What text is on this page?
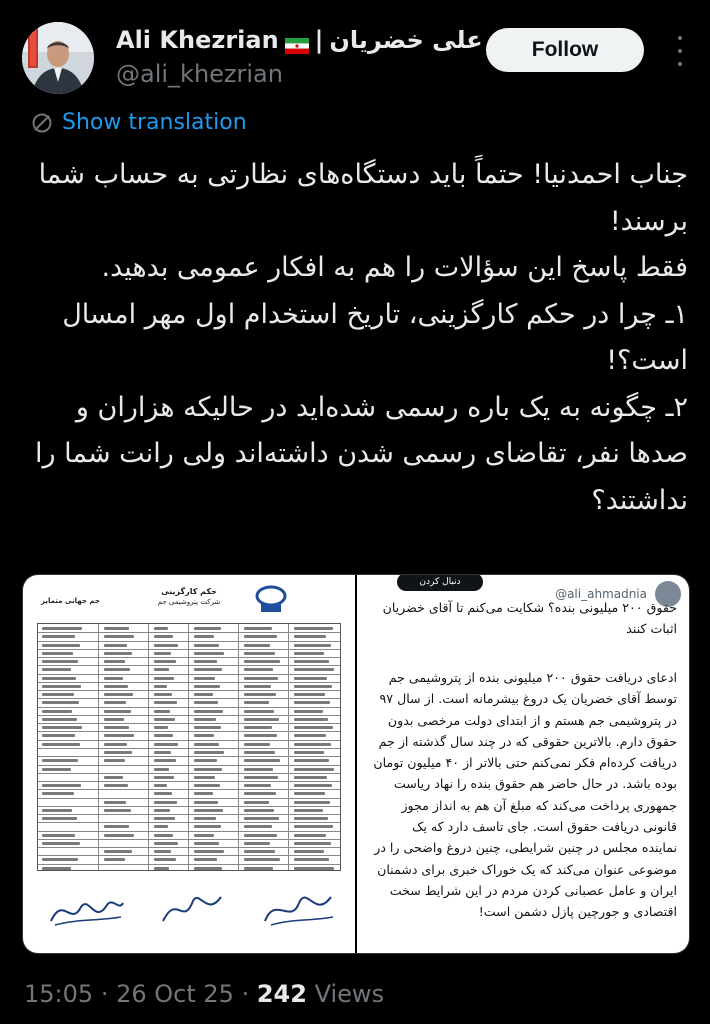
Ali Khezrian | علی خضریان
@ali_khezrian
Follow
Show translation

جناب احمدنیا! حتماً باید دستگاه‌های نظارتی به حساب شما برسند!

فقط پاسخ این سؤالات را هم به افکار عمومی بدهید.

۱ـ چرا در حکم کارگزینی، تاریخ استخدام اول مهر امسال است؟!

۲ـ چگونه به یک باره رسمی شده‌اید در حالیکه هزاران و صدها نفر، تقاضای رسمی شدن داشته‌اند ولی رانت شما را نداشتند؟

حکم کارگزینی
شرکت پتروشیمی جم
جم جهانی متمایز	@ali_ahmadnia
دنبال کردن

حقوق ۲۰۰ میلیونی بنده؟ شکایت می‌کنم تا آقای خضریان اثبات کنند

ادعای دریافت حقوق ۲۰۰ میلیونی بنده از پتروشیمی جم توسط آقای خضریان یک دروغ بیشرمانه است. از سال ۹۷ در پتروشیمی جم هستم و از ابتدای دولت مرخصی بدون حقوق دارم. بالاترین حقوقی که در چند سال گذشته از جم دریافت کرده‌ام فکر نمی‌کنم حتی بالاتر از ۴۰ میلیون تومان بوده باشد. در حال حاضر هم حقوق بنده را نهاد ریاست جمهوری پرداخت می‌کند که مبلغ آن هم به انداز مجوز قانونی دریافت حقوق است. جای تاسف دارد که یک نماینده مجلس در چنین شرایطی، چنین دروغ واضحی را در موضوعی عنوان می‌کند که یک خوراک خبری برای دشمنان ایران و عامل عصبانی کردن مردم در این شرایط سخت اقتصادی و جورچین پازل دشمن است!

15:05 · 26 Oct 25 · 242 Views
